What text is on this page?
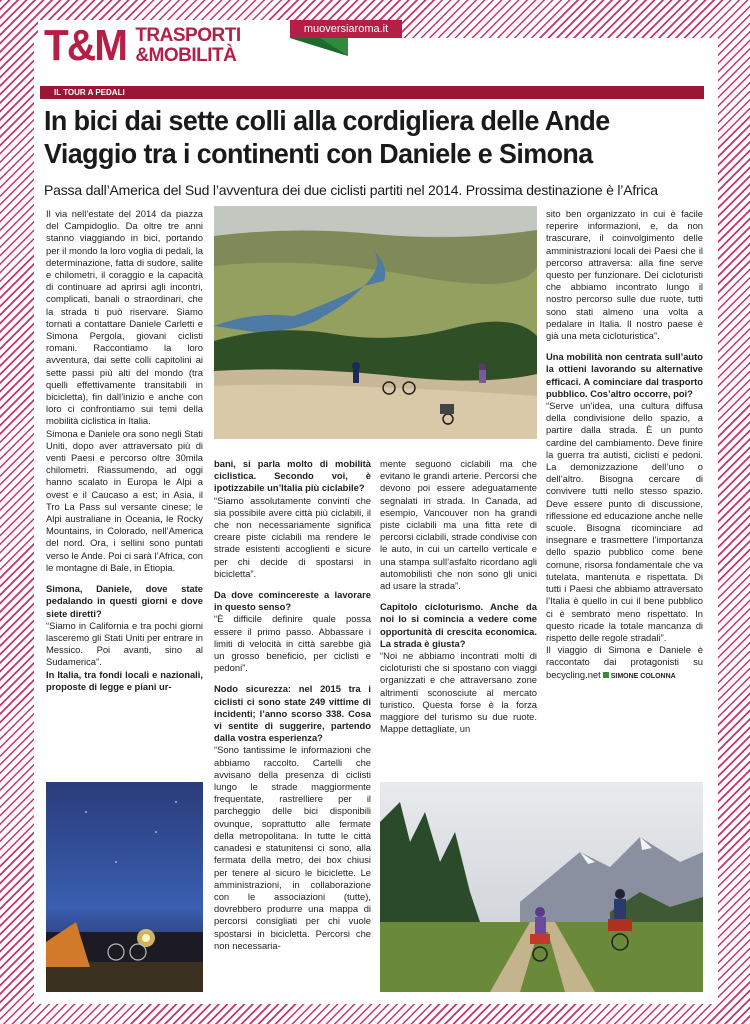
T&M TRASPORTI
&MOBILITÀ
muoversiaroma.it
IL TOUR A PEDALI
In bici dai sette colli alla cordigliera delle Ande
Viaggio tra i continenti con Daniele e Simona
Passa dall’America del Sud l’avventura dei due ciclisti partiti nel 2014. Prossima destinazione è l’Africa

Il via nell’estate del 2014 da piazza del Campidoglio. Da oltre tre anni stanno viaggiando in bici, portando per il mondo la loro voglia di pedali, la determinazione, fatta di sudore, salite e chilometri, il coraggio e la capacità di continuare ad aprirsi agli incontri, complicati, banali o straordinari, che la strada ti può riservare. Siamo tornati a contattare Daniele Carletti e Simona Pergola, giovani ciclisti romani. Raccontiamo la loro avventura, dai sette colli capitolini ai sette passi più alti del mondo (tra quelli effettivamente transitabili in bicicletta), fin dall’inizio e anche con loro ci confrontiamo sui temi della mobilità ciclistica in Italia.

Simona e Daniele ora sono negli Stati Uniti, dopo aver attraversato più di venti Paesi e percorso oltre 30mila chilometri. Riassumendo, ad oggi hanno scalato in Europa le Alpi a ovest e il Caucaso a est; in Asia, il Tro La Pass sul versante cinese; le Alpi australiane in Oceania, le Rocky Mountains, in Colorado, nell’America del nord. Ora, i sellini sono puntati verso le Ande. Poi ci sarà l’Africa, con le montagne di Bale, in Etiopia.

Simona, Daniele, dove state pedalando in questi giorni e dove siete diretti?

“Siamo in California e tra pochi giorni lasceremo gli Stati Uniti per entrare in Messico. Poi avanti, sino al Sudamerica”.

In Italia, tra fondi locali e nazionali, proposte di legge e piani ur-

bani, si parla molto di mobilità ciclistica. Secondo voi, è ipotizzabile un’Italia più ciclabile?

“Siamo assolutamente convinti che sia possibile avere città più ciclabili, il che non necessariamente significa creare piste ciclabili ma rendere le strade esistenti accoglienti e sicure per chi decide di spostarsi in bicicletta”.

Da dove comincereste a lavorare in questo senso?

“È difficile definire quale possa essere il primo passo. Abbassare i limiti di velocità in città sarebbe già un grosso beneficio, per ciclisti e pedoni”.

Nodo sicurezza: nel 2015 tra i ciclisti ci sono state 249 vittime di incidenti; l’anno scorso 338. Cosa vi sentite di suggerire, partendo dalla vostra esperienza?

“Sono tantissime le informazioni che abbiamo raccolto. Cartelli che avvisano della presenza di ciclisti lungo le strade maggiormente frequentate, rastrelliere per il parcheggio delle bici disponibili ovunque, soprattutto alle fermate della metropolitana. In tutte le città canadesi e statunitensi ci sono, alla fermata della metro, dei box chiusi per tenere al sicuro le biciclette. Le amministrazioni, in collaborazione con le associazioni (tutte), dovrebbero produrre una mappa di percorsi consigliati per chi vuole spostarsi in bicicletta. Percorsi che non necessaria-

mente seguono ciclabili ma che evitano le grandi arterie. Percorsi che devono poi essere adeguatamente segnalati in strada. In Canada, ad esempio, Vancouver non ha grandi piste ciclabili ma una fitta rete di percorsi ciclabili, strade condivise con le auto, in cui un cartello verticale e una stampa sull’asfalto ricordano agli automobilisti che non sono gli unici ad usare la strada”.

Capitolo cicloturismo. Anche da noi lo si comincia a vedere come opportunità di crescita economica. La strada è giusta?

“Noi ne abbiamo incontrati molti di cicloturisti che si spostano con viaggi organizzati e che attraversano zone altrimenti sconosciute al mercato turistico. Questa forse è la forza maggiore del turismo su due ruote. Mappe dettagliate, un

sito ben organizzato in cui è facile reperire informazioni, e, da non trascurare, il coinvolgimento delle amministrazioni locali dei Paesi che il percorso attraversa: alla fine serve questo per funzionare. Dei cicloturisti che abbiamo incontrato lungo il nostro percorso sulle due ruote, tutti sono stati almeno una volta a pedalare in Italia. Il nostro paese è già una meta cicloturistica”.

Una mobilità non centrata sull’auto la ottieni lavorando su alternative efficaci. A cominciare dal trasporto pubblico. Cos’altro occorre, poi?

“Serve un’idea, una cultura diffusa della condivisione dello spazio, a partire dalla strada. È un punto cardine del cambiamento. Deve finire la guerra tra autisti, ciclisti e pedoni. La demonizzazione dell’uno o dell’altro. Bisogna cercare di convivere tutti nello stesso spazio. Deve essere punto di discussione, riflessione ed educazione anche nelle scuole. Bisogna ricominciare ad insegnare e trasmettere l’importanza dello spazio pubblico come bene comune, risorsa fondamentale che va tutelata, mantenuta e rispettata. Di tutti i Paesi che abbiamo attraversato l’Italia è quello in cui il bene pubblico ci è sembrato meno rispettato. In questo ricade la totale mancanza di rispetto delle regole stradali”.

Il viaggio di Simona e Daniele è raccontato dai protagonisti su becycling.net SIMONE COLONNA
